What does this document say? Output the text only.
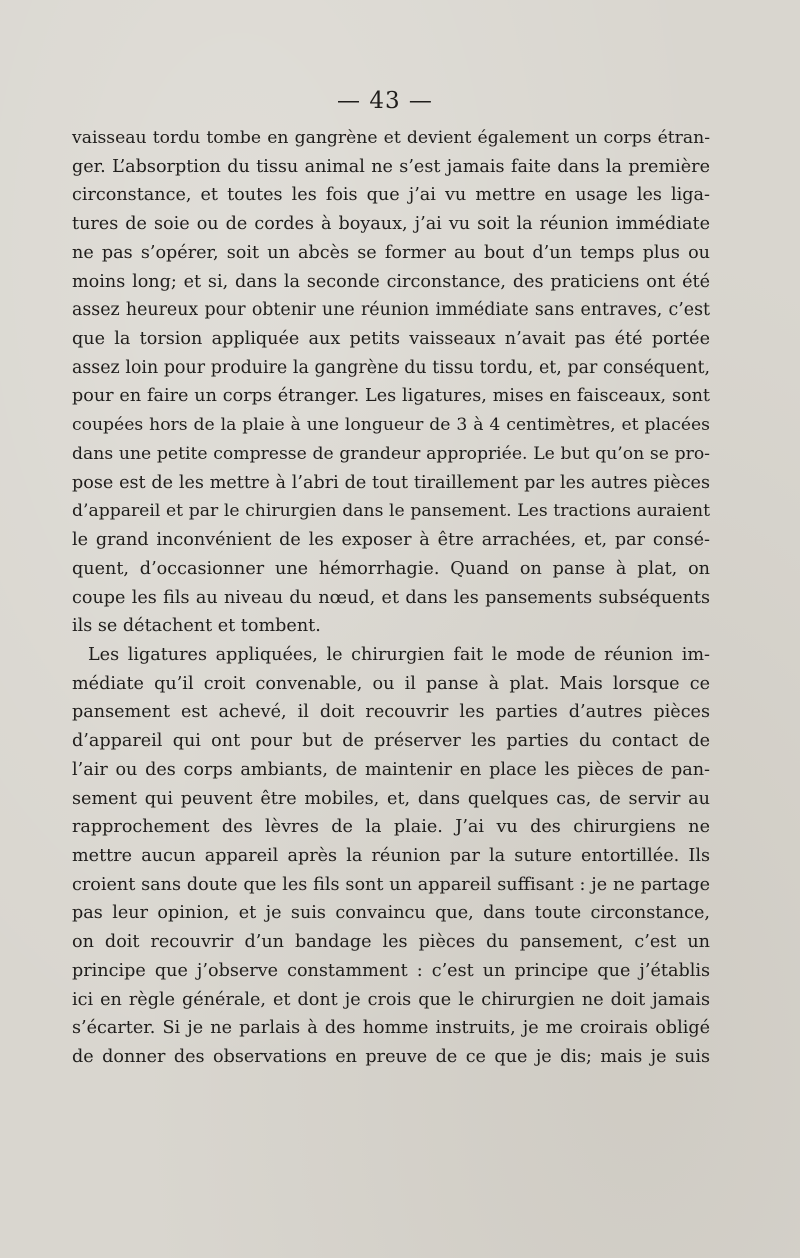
— 43 —
vaisseau tordu tombe en gangrène et devient également un corps étran-
ger. L’absorption du tissu animal ne s’est jamais faite dans la première
circonstance, et toutes les fois que j’ai vu mettre en usage les liga-
tures de soie ou de cordes à boyaux, j’ai vu soit la réunion immédiate
ne pas s’opérer, soit un abcès se former au bout d’un temps plus ou
moins long; et si, dans la seconde circonstance, des praticiens ont été
assez heureux pour obtenir une réunion immédiate sans entraves, c’est
que la torsion appliquée aux petits vaisseaux n’avait pas été portée
assez loin pour produire la gangrène du tissu tordu, et, par conséquent,
pour en faire un corps étranger. Les ligatures, mises en faisceaux, sont
coupées hors de la plaie à une longueur de 3 à 4 centimètres, et placées
dans une petite compresse de grandeur appropriée. Le but qu’on se pro-
pose est de les mettre à l’abri de tout tiraillement par les autres pièces
d’appareil et par le chirurgien dans le pansement. Les tractions auraient
le grand inconvénient de les exposer à être arrachées, et, par consé-
quent, d’occasionner une hémorrhagie. Quand on panse à plat, on
coupe les fils au niveau du nœud, et dans les pansements subséquents
ils se détachent et tombent.
Les ligatures appliquées, le chirurgien fait le mode de réunion im-
médiate qu’il croit convenable, ou il panse à plat. Mais lorsque ce
pansement est achevé, il doit recouvrir les parties d’autres pièces
d’appareil qui ont pour but de préserver les parties du contact de
l’air ou des corps ambiants, de maintenir en place les pièces de pan-
sement qui peuvent être mobiles, et, dans quelques cas, de servir au
rapprochement des lèvres de la plaie. J’ai vu des chirurgiens ne
mettre aucun appareil après la réunion par la suture entortillée. Ils
croient sans doute que les fils sont un appareil suffisant : je ne partage
pas leur opinion, et je suis convaincu que, dans toute circonstance,
on doit recouvrir d’un bandage les pièces du pansement, c’est un
principe que j’observe constamment : c’est un principe que j’établis
ici en règle générale, et dont je crois que le chirurgien ne doit jamais
s’écarter. Si je ne parlais à des homme instruits, je me croirais obligé
de donner des observations en preuve de ce que je dis; mais je suis
